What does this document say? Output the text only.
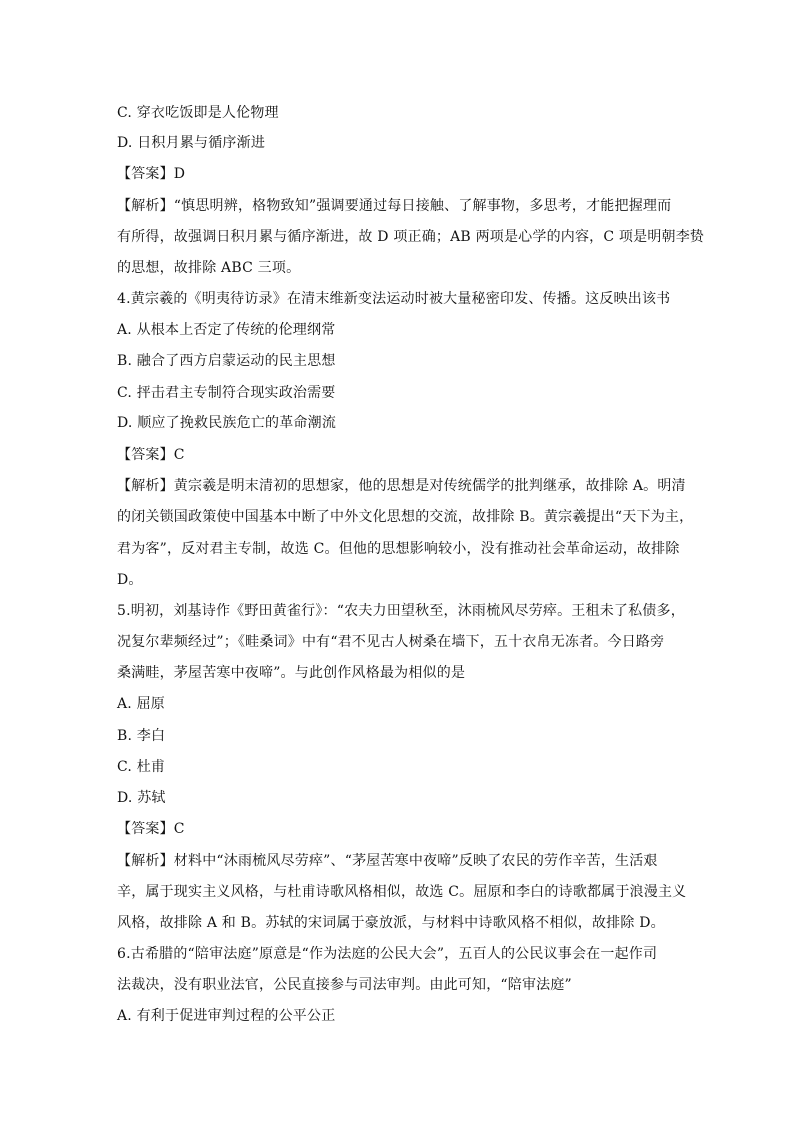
C. 穿衣吃饭即是人伦物理
D. 日积月累与循序渐进
【答案】D
【解析】“慎思明辨，格物致知”强调要通过每日接触、了解事物，多思考，才能把握理而
有所得，故强调日积月累与循序渐进，故 D 项正确；AB 两项是心学的内容，C 项是明朝李贽
的思想，故排除 ABC 三项。
4.黄宗羲的《明夷待访录》在清末维新变法运动时被大量秘密印发、传播。这反映出该书
A. 从根本上否定了传统的伦理纲常
B. 融合了西方启蒙运动的民主思想
C. 抨击君主专制符合现实政治需要
D. 顺应了挽救民族危亡的革命潮流
【答案】C
【解析】黄宗羲是明末清初的思想家，他的思想是对传统儒学的批判继承，故排除 A。明清
的闭关锁国政策使中国基本中断了中外文化思想的交流，故排除 B。黄宗羲提出“天下为主，
君为客”，反对君主专制，故选 C。但他的思想影响较小，没有推动社会革命运动，故排除
D。
5.明初，刘基诗作《野田黄雀行》：“农夫力田望秋至，沐雨梳风尽劳瘁。王租未了私债多，
况复尔辈频经过”；《畦桑词》中有“君不见古人树桑在墙下，五十衣帛无冻者。今日路旁
桑满畦，茅屋苦寒中夜啼”。与此创作风格最为相似的是
A. 屈原
B. 李白
C. 杜甫
D. 苏轼
【答案】C
【解析】材料中“沐雨梳风尽劳瘁”、“茅屋苦寒中夜啼”反映了农民的劳作辛苦，生活艰
辛，属于现实主义风格，与杜甫诗歌风格相似，故选 C。屈原和李白的诗歌都属于浪漫主义
风格，故排除 A 和 B。苏轼的宋词属于豪放派，与材料中诗歌风格不相似，故排除 D。
6.古希腊的“陪审法庭”原意是“作为法庭的公民大会”，五百人的公民议事会在一起作司
法裁决，没有职业法官，公民直接参与司法审判。由此可知，“陪审法庭”
A. 有利于促进审判过程的公平公正
